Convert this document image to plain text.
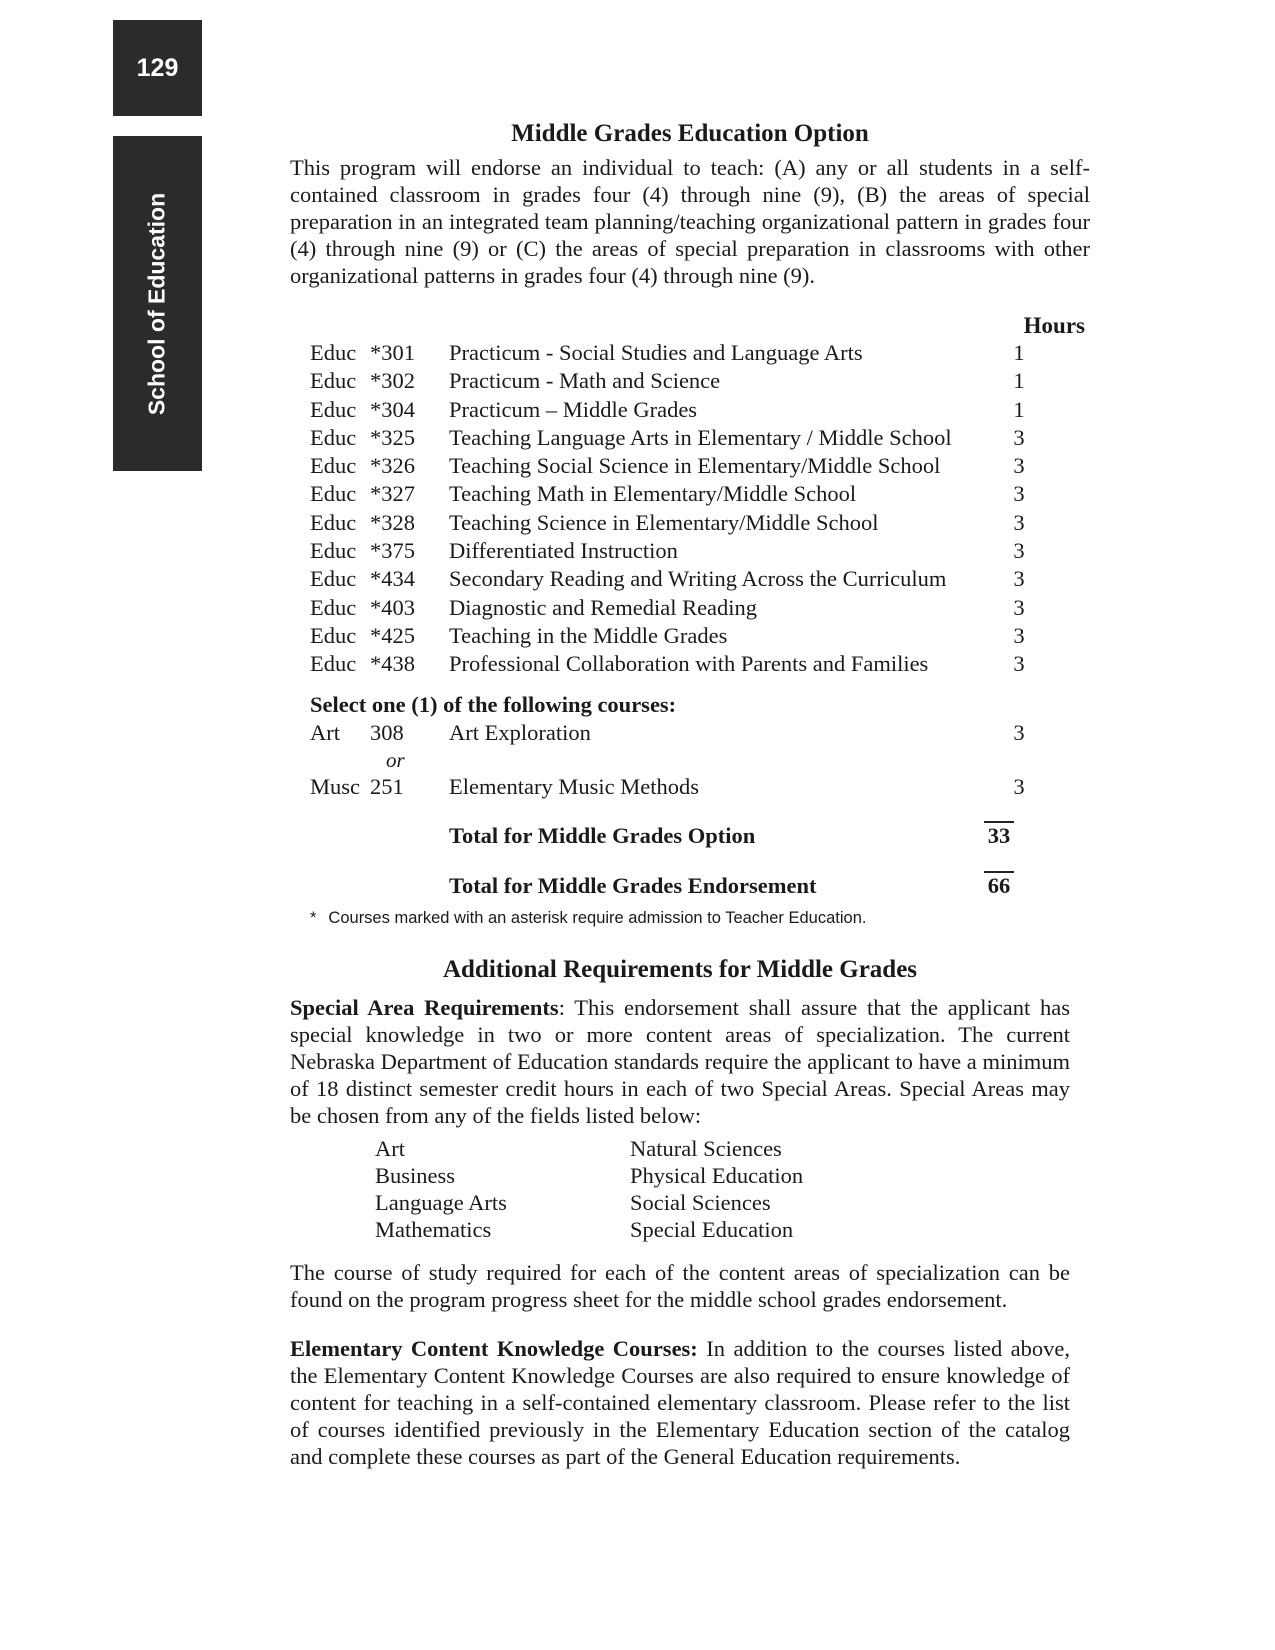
129
School of Education
Middle Grades Education Option

This program will endorse an individual to teach: (A) any or all students in a self-contained classroom in grades four (4) through nine (9), (B) the areas of special preparation in an integrated team planning/teaching organizational pattern in grades four (4) through nine (9) or (C) the areas of special preparation in classrooms with other organizational patterns in grades four (4) through nine (9).

Hours
Educ *301	Practicum - Social Studies and Language Arts	1
Educ *302	Practicum - Math and Science	1
Educ *304	Practicum – Middle Grades	1
Educ *325	Teaching Language Arts in Elementary / Middle School	3
Educ *326	Teaching Social Science in Elementary/Middle School	3
Educ *327	Teaching Math in Elementary/Middle School	3
Educ *328	Teaching Science in Elementary/Middle School	3
Educ *375	Differentiated Instruction	3
Educ *434	Secondary Reading and Writing Across the Curriculum	3
Educ *403	Diagnostic and Remedial Reading	3
Educ *425	Teaching in the Middle Grades	3
Educ *438	Professional Collaboration with Parents and Families	3
Select one (1) of the following courses:
Art	308	Art Exploration	3
or
Musc 251	Elementary Music Methods	3
Total for Middle Grades Option	33
Total for Middle Grades Endorsement	66
* Courses marked with an asterisk require admission to Teacher Education.
Additional Requirements for Middle Grades

Special Area Requirements: This endorsement shall assure that the applicant has special knowledge in two or more content areas of specialization. The current Nebraska Department of Education standards require the applicant to have a minimum of 18 distinct semester credit hours in each of two Special Areas. Special Areas may be chosen from any of the fields listed below:

Art	Natural Sciences
Business	Physical Education
Language Arts	Social Sciences
Mathematics	Special Education

The course of study required for each of the content areas of specialization can be found on the program progress sheet for the middle school grades endorsement.

Elementary Content Knowledge Courses: In addition to the courses listed above, the Elementary Content Knowledge Courses are also required to ensure knowledge of content for teaching in a self-contained elementary classroom. Please refer to the list of courses identified previously in the Elementary Education section of the catalog and complete these courses as part of the General Education requirements.
